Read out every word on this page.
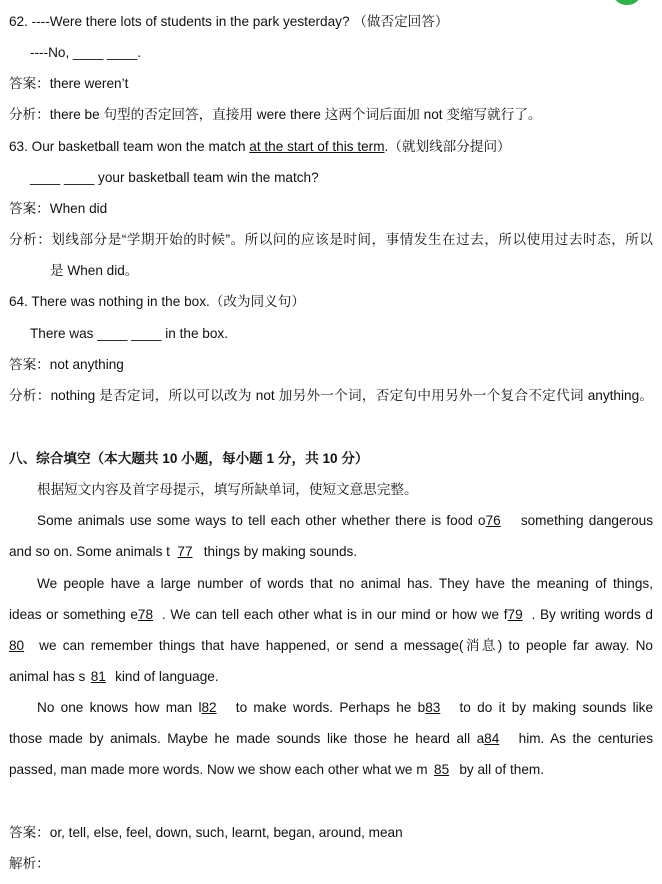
62. ----Were there lots of students in the park yesterday? （做否定回答）
----No, ____ ____.
答案：there weren’t
分析：there be 句型的否定回答，直接用 were there 这两个词后面加 not 变缩写就行了。
63. Our basketball team won the match at the start of this term.（就划线部分提问）
____ ____ your basketball team win the match?
答案：When did
分析：划线部分是“学期开始的时候”。所以问的应该是时间，事情发生在过去，所以使用过去时态，所以
是 When did。
64. There was nothing in the box.（改为同义句）
There was ____ ____ in the box.
答案：not anything
分析：nothing 是否定词，所以可以改为 not 加另外一个词，否定句中用另外一个复合不定代词 anything。
八、综合填空（本大题共 10 小题，每小题 1 分，共 10 分）
根据短文内容及首字母提示，填写所缺单词，使短文意思完整。
Some animals use some ways to tell each other whether there is food o76 something dangerous
and so on. Some animals t 77 things by making sounds.
We people have a large number of words that no animal has. They have the meaning of things,
ideas or something e78 . We can tell each other what is in our mind or how we f79 . By writing words d
80 we can remember things that have happened, or send a message(消息) to people far away. No
animal has s 81 kind of language.
No one knows how man l82 to make words. Perhaps he b83 to do it by making sounds like
those made by animals. Maybe he made sounds like those he heard all a84 him. As the centuries
passed, man made more words. Now we show each other what we m 85 by all of them.
答案：or, tell, else, feel, down, such, learnt, began, around, mean
解析：
